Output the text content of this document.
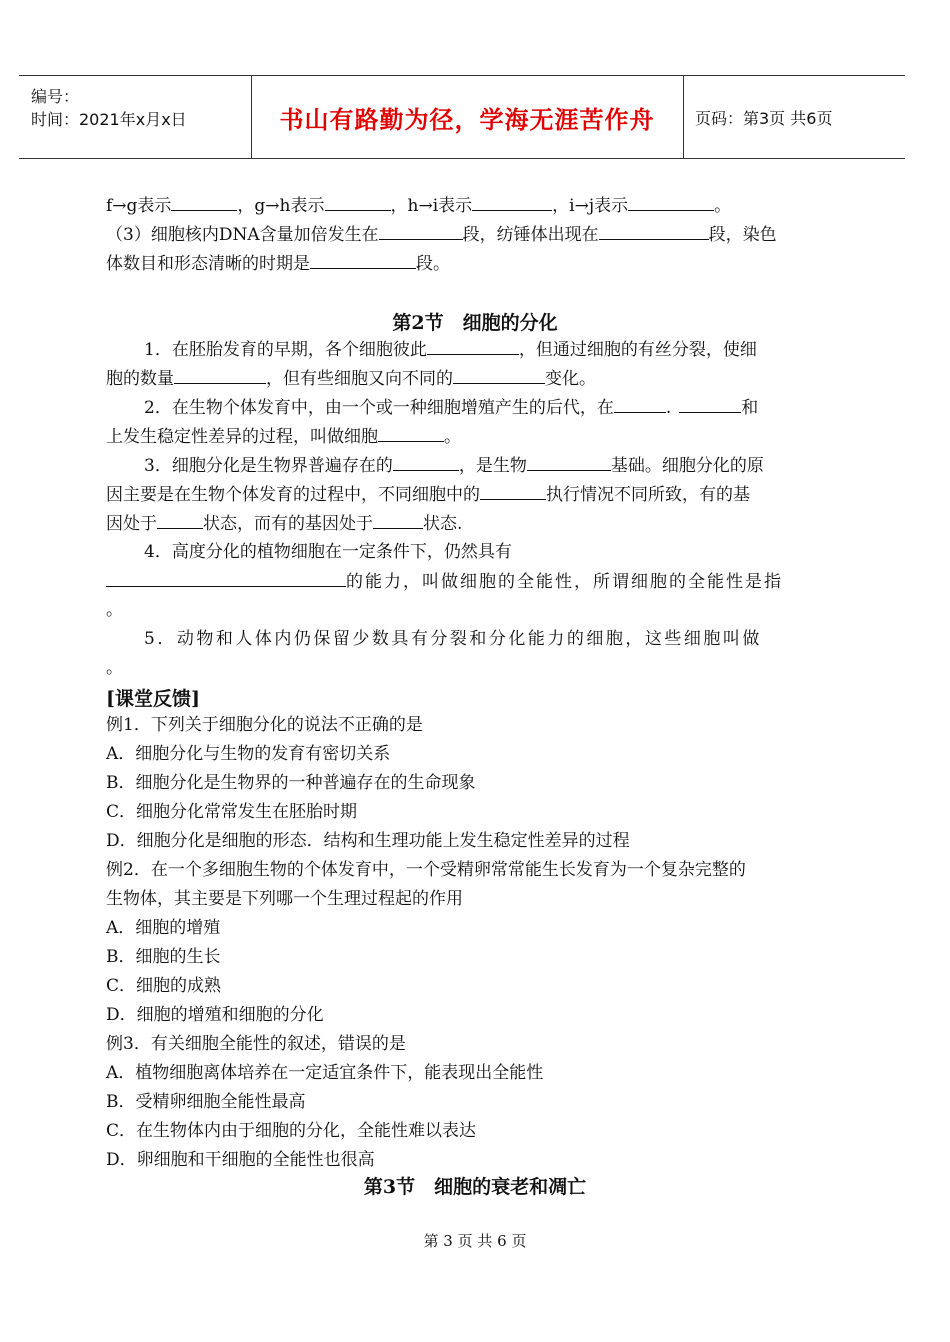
编号：
时间：2021年x月x日	书山有路勤为径，学海无涯苦作舟	页码：第3页 共6页
f→g表示	，g→h表示	，h→i表示	，i→j表示	。
（3）细胞核内DNA含量加倍发生在	段，纺锤体出现在	段，染色
体数目和形态清晰的时期是	段。
第2节　细胞的分化
1．在胚胎发育的早期，各个细胞彼此	，但通过细胞的有丝分裂，使细
胞的数量	，但有些细胞又向不同的	变化。
2．在生物个体发育中，由一个或一种细胞增殖产生的后代，在	.	和
上发生稳定性差异的过程，叫做细胞	。
3．细胞分化是生物界普遍存在的	，是生物	基础。细胞分化的原
因主要是在生物个体发育的过程中，不同细胞中的	执行情况不同所致，有的基
因处于	状态，而有的基因处于	状态.
4．高度分化的植物细胞在一定条件下，仍然具有
的能力，叫做细胞的全能性，所谓细胞的全能性是指
。
5．动物和人体内仍保留少数具有分裂和分化能力的细胞，这些细胞叫做
。
[课堂反馈]
例1．下列关于细胞分化的说法不正确的是
A．细胞分化与生物的发育有密切关系
B．细胞分化是生物界的一种普遍存在的生命现象
C．细胞分化常常发生在胚胎时期
D．细胞分化是细胞的形态．结构和生理功能上发生稳定性差异的过程
例2．在一个多细胞生物的个体发育中，一个受精卵常常能生长发育为一个复杂完整的
生物体，其主要是下列哪一个生理过程起的作用
A．细胞的增殖
B．细胞的生长
C．细胞的成熟
D．细胞的增殖和细胞的分化
例3．有关细胞全能性的叙述，错误的是
A．植物细胞离体培养在一定适宜条件下，能表现出全能性
B．受精卵细胞全能性最高
C．在生物体内由于细胞的分化，全能性难以表达
D．卵细胞和干细胞的全能性也很高
第3节　细胞的衰老和凋亡
第 3 页 共 6 页
